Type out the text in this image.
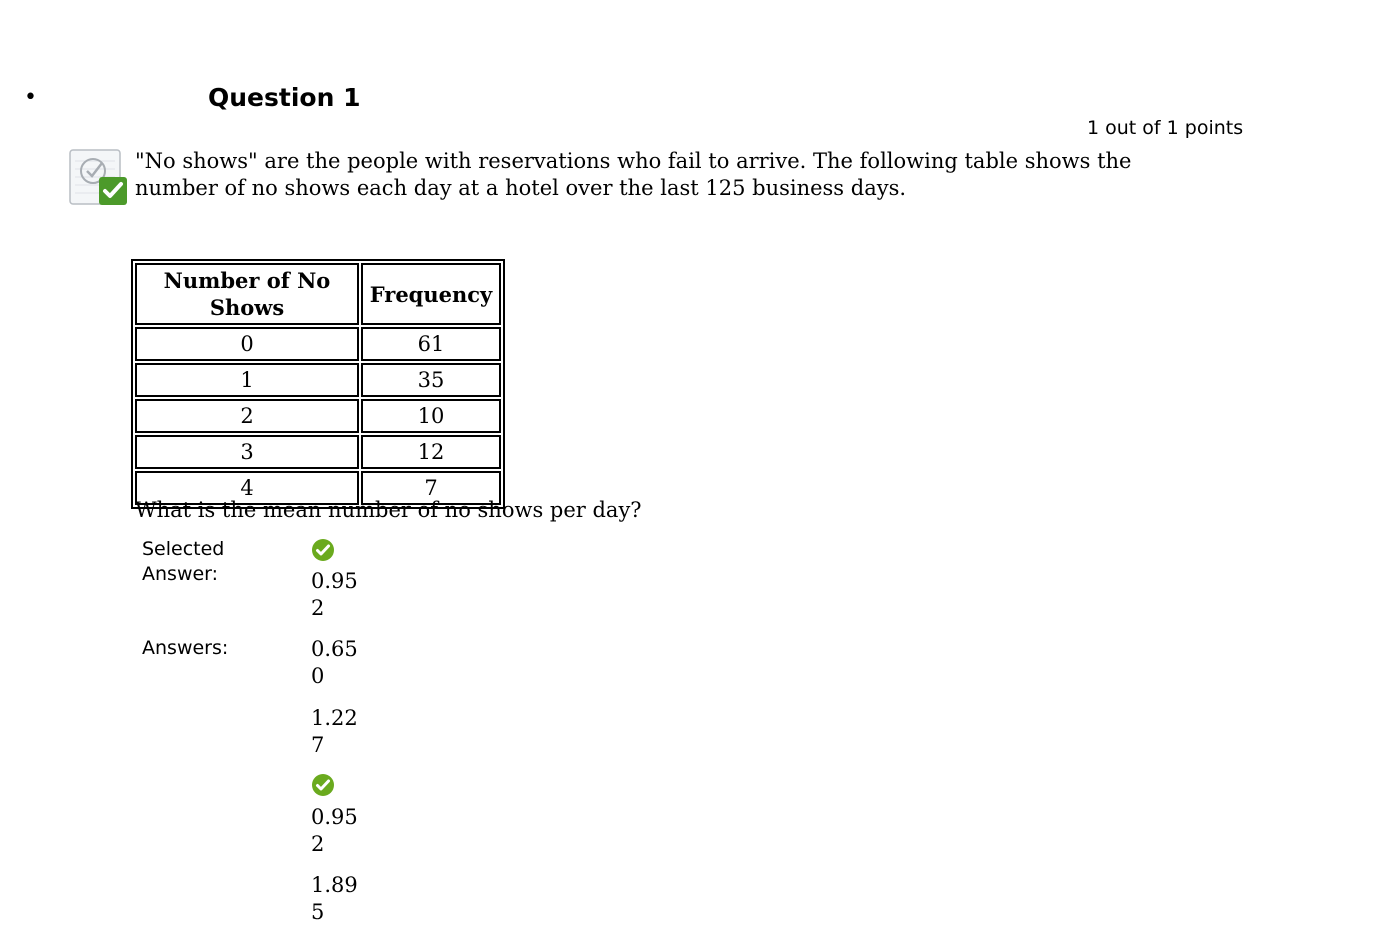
•	Question 1
1 out of 1 points
"No shows" are the people with reservations who fail to arrive. The following table shows the number of no shows each day at a hotel over the last 125 business days.
Number of No Shows	Frequency
0	61
1	35
2	10
3	12
4	7
What is the mean number of no shows per day?
Selected Answer:	0.952
Answers:	0.650
1.227
0.952
1.895
